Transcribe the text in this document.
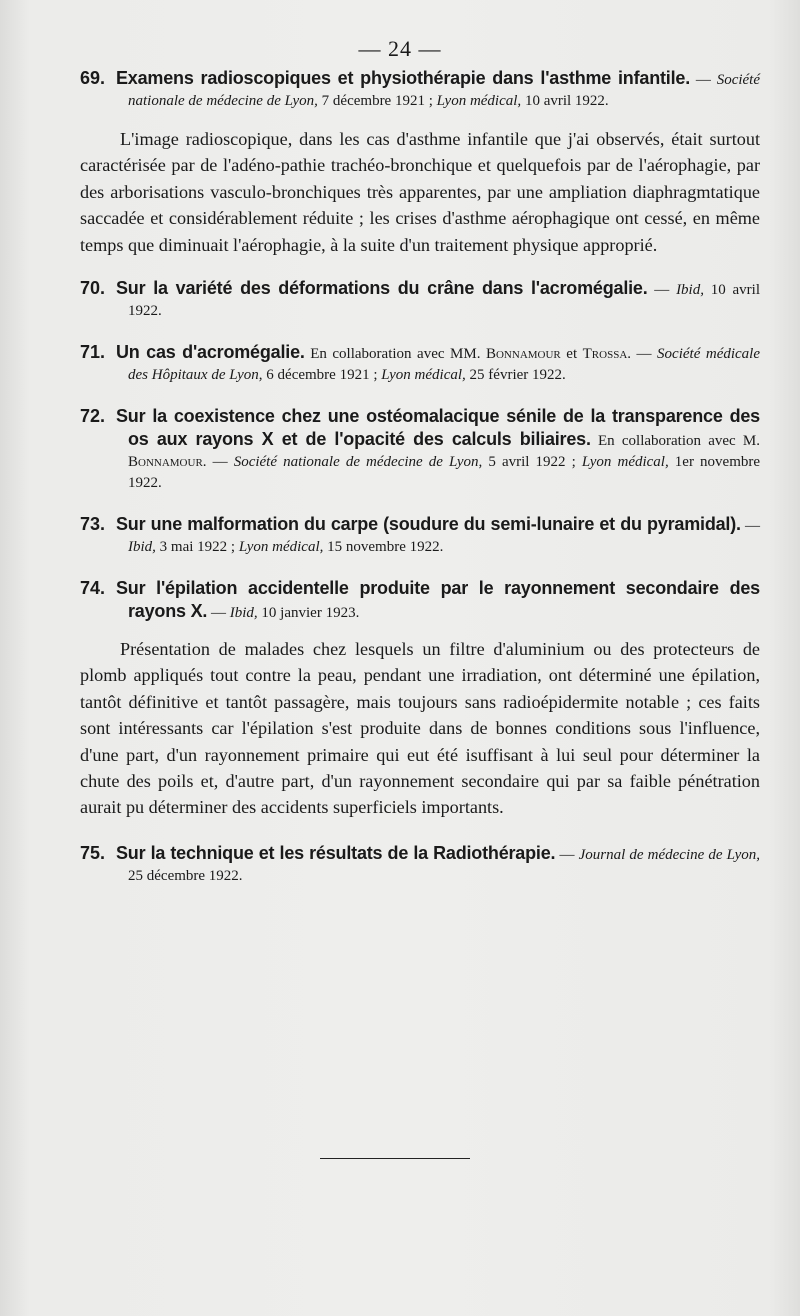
— 24 —

69. Examens radioscopiques et physiothérapie dans l'asthme infantile. — Société nationale de médecine de Lyon, 7 décembre 1921 ; Lyon médical, 10 avril 1922.

L'image radioscopique, dans les cas d'asthme infantile que j'ai observés, était surtout caractérisée par de l'adéno-pathie trachéo-bronchique et quelquefois par de l'aérophagie, par des arborisations vasculo-bronchiques très apparentes, par une ampliation diaphragmtatique saccadée et considérablement réduite ; les crises d'asthme aérophagique ont cessé, en même temps que diminuait l'aérophagie, à la suite d'un traitement physique approprié.

70. Sur la variété des déformations du crâne dans l'acromégalie. — Ibid, 10 avril 1922.

71. Un cas d'acromégalie. En collaboration avec MM. Bonnamour et Trossa. — Société médicale des Hôpitaux de Lyon, 6 décembre 1921 ; Lyon médical, 25 février 1922.

72. Sur la coexistence chez une ostéomalacique sénile de la transparence des os aux rayons X et de l'opacité des calculs biliaires. En collaboration avec M. Bonnamour. — Société nationale de médecine de Lyon, 5 avril 1922 ; Lyon médical, 1er novembre 1922.

73. Sur une malformation du carpe (soudure du semi-lunaire et du pyramidal). — Ibid, 3 mai 1922 ; Lyon médical, 15 novembre 1922.

74. Sur l'épilation accidentelle produite par le rayonnement secondaire des rayons X. — Ibid, 10 janvier 1923.

Présentation de malades chez lesquels un filtre d'aluminium ou des protecteurs de plomb appliqués tout contre la peau, pendant une irradiation, ont déterminé une épilation, tantôt définitive et tantôt passagère, mais toujours sans radioépidermite notable ; ces faits sont intéressants car l'épilation s'est produite dans de bonnes conditions sous l'influence, d'une part, d'un rayonnement primaire qui eut été isuffisant à lui seul pour déterminer la chute des poils et, d'autre part, d'un rayonnement secondaire qui par sa faible pénétration aurait pu déterminer des accidents superficiels importants.

75. Sur la technique et les résultats de la Radiothérapie. — Journal de médecine de Lyon, 25 décembre 1922.
